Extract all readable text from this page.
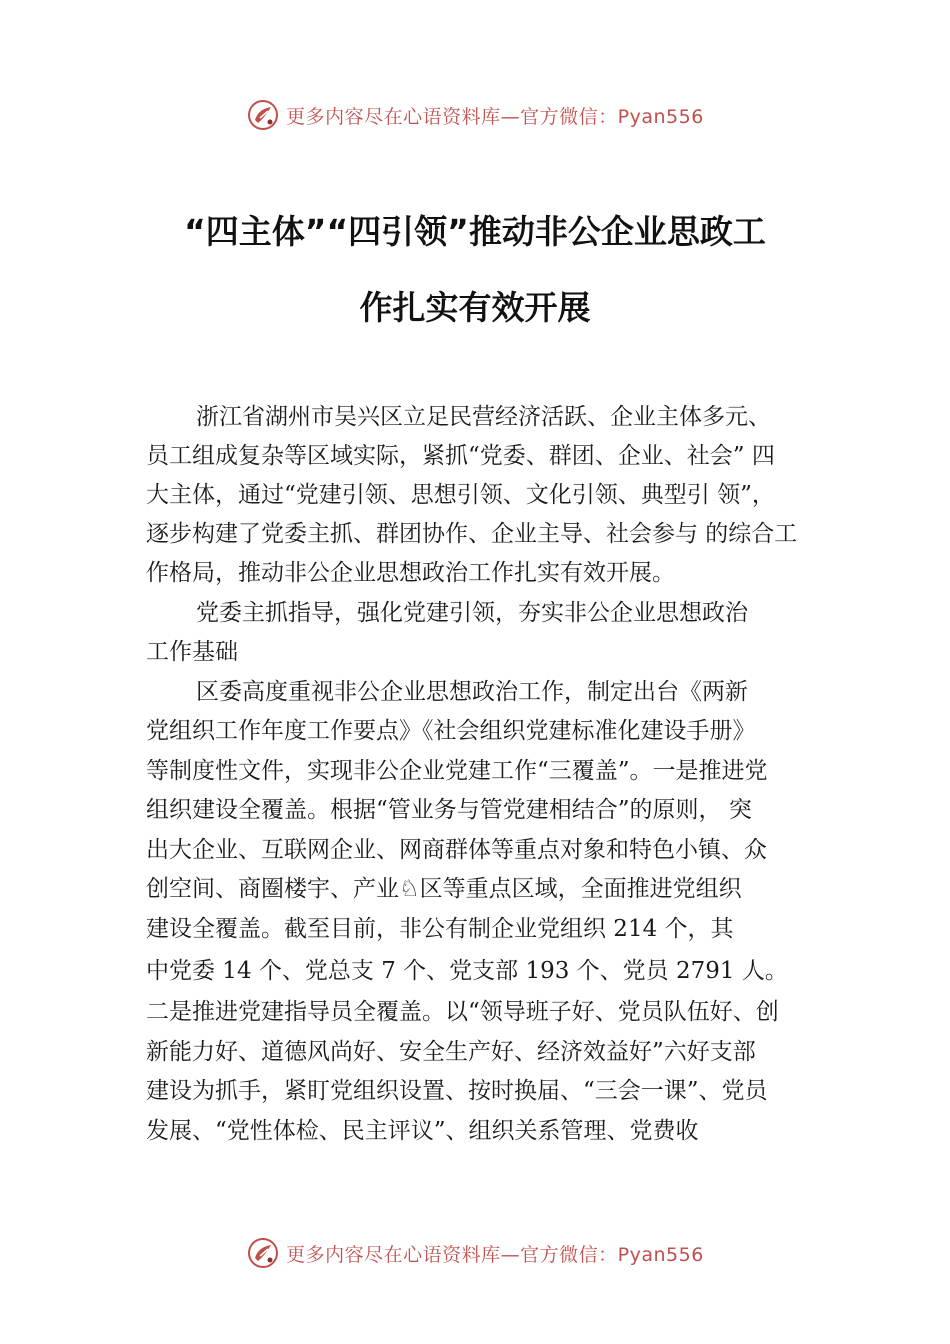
更多内容尽在心语资料库—官方微信：Pyan556
“四主体”“四引领”推动非公企业思政工
作扎实有效开展
浙江省湖州市吴兴区立足民营经济活跃、企业主体多元、
员工组成复杂等区域实际，紧抓“党委、群团、企业、社会” 四
大主体，通过“党建引领、思想引领、文化引领、典型引 领”，
逐步构建了党委主抓、群团协作、企业主导、社会参与 的综合工
作格局，推动非公企业思想政治工作扎实有效开展。
党委主抓指导，强化党建引领，夯实非公企业思想政治
工作基础
区委高度重视非公企业思想政治工作，制定出台《两新
党组织工作年度工作要点》《社会组织党建标准化建设手册》
等制度性文件，实现非公企业党建工作“三覆盖”。一是推进党
组织建设全覆盖。根据“管业务与管党建相结合”的原则， 突
出大企业、互联网企业、网商群体等重点对象和特色小镇、众
创空间、商圈楼宇、产业♘区等重点区域，全面推进党组织
建设全覆盖。截至目前，非公有制企业党组织 214 个，其
中党委 14 个、党总支 7 个、党支部 193 个、党员 2791 人。
二是推进党建指导员全覆盖。以“领导班子好、党员队伍好、创
新能力好、道德风尚好、安全生产好、经济效益好”六好支部
建设为抓手，紧盯党组织设置、按时换届、“三会一课”、党员
发展、“党性体检、民主评议”、组织关系管理、党费收
更多内容尽在心语资料库—官方微信：Pyan556
